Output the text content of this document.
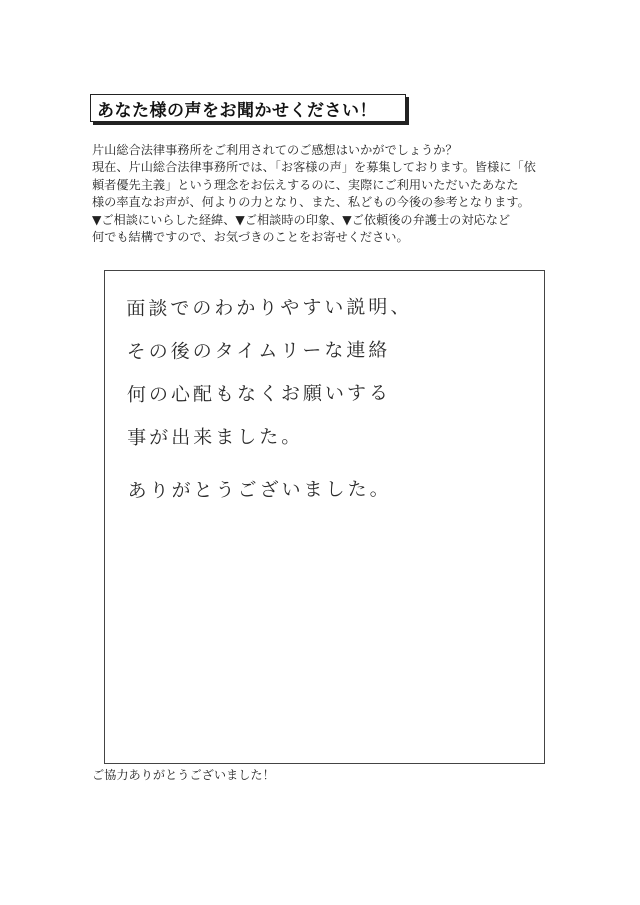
あなた様の声をお聞かせください！
片山総合法律事務所をご利用されてのご感想はいかがでしょうか？
現在、片山総合法律事務所では、「お客様の声」を募集しております。皆様に「依
頼者優先主義」という理念をお伝えするのに、実際にご利用いただいたあなた
様の率直なお声が、何よりの力となり、また、私どもの今後の参考となります。
▼ご相談にいらした経緯、▼ご相談時の印象、▼ご依頼後の弁護士の対応など
何でも結構ですので、お気づきのことをお寄せください。
面談でのわかりやすい説明、
その後のタイムリーな連絡
何の心配もなくお願いする
事が出来ました。
ありがとうございました。
ご協力ありがとうございました！
